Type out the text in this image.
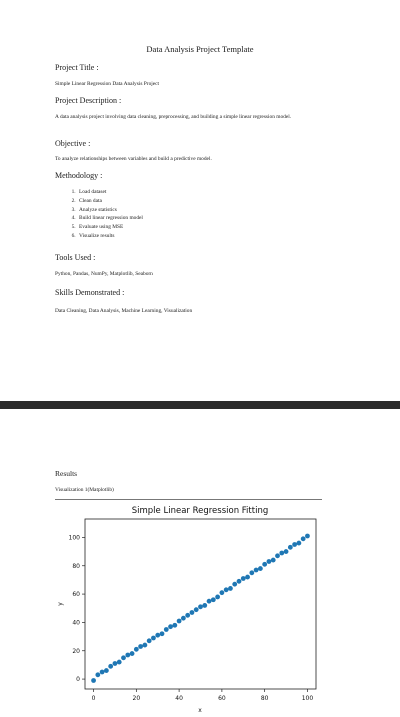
Data Analysis Project Template
Project Title :
Simple Linear Regression Data Analysis Project
Project Description :
A data analysis project involving data cleaning, preprocessing, and building a simple linear regression model.
Objective :
To analyze relationships between variables and build a predictive model.
Methodology :
1. Load dataset
2. Clean data
3. Analyze statistics
4. Build linear regression model
5. Evaluate using MSE
6. Visualize results
Tools Used :
Python, Pandas, NumPy, Matplotlib, Seaborn
Skills Demonstrated :
Data Cleaning, Data Analysis, Machine Learning, Visualization
Results
Visualization 1(Matplotlib)
Simple Linear Regression Fitting
0	20	40	60	80	100
0
20
40
60
80
100
x
y
